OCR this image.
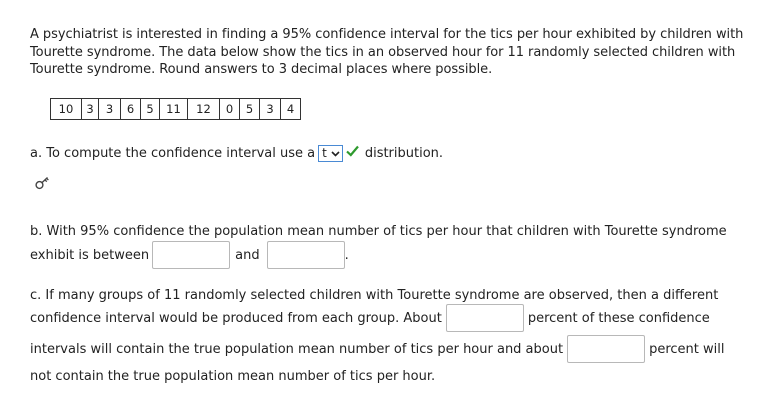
A psychiatrist is interested in finding a 95% confidence interval for the tics per hour exhibited by children with Tourette syndrome. The data below show the tics in an observed hour for 11 randomly selected children with Tourette syndrome. Round answers to 3 decimal places where possible.
10	3	3	6	5	11	12	0	5	3	4
a. To compute the confidence interval use a t	distribution.
b. With 95% confidence the population mean number of tics per hour that children with Tourette syndrome
exhibit is between	and	.
c. If many groups of 11 randomly selected children with Tourette syndrome are observed, then a different
confidence interval would be produced from each group. About	percent of these confidence
intervals will contain the true population mean number of tics per hour and about	percent will
not contain the true population mean number of tics per hour.
